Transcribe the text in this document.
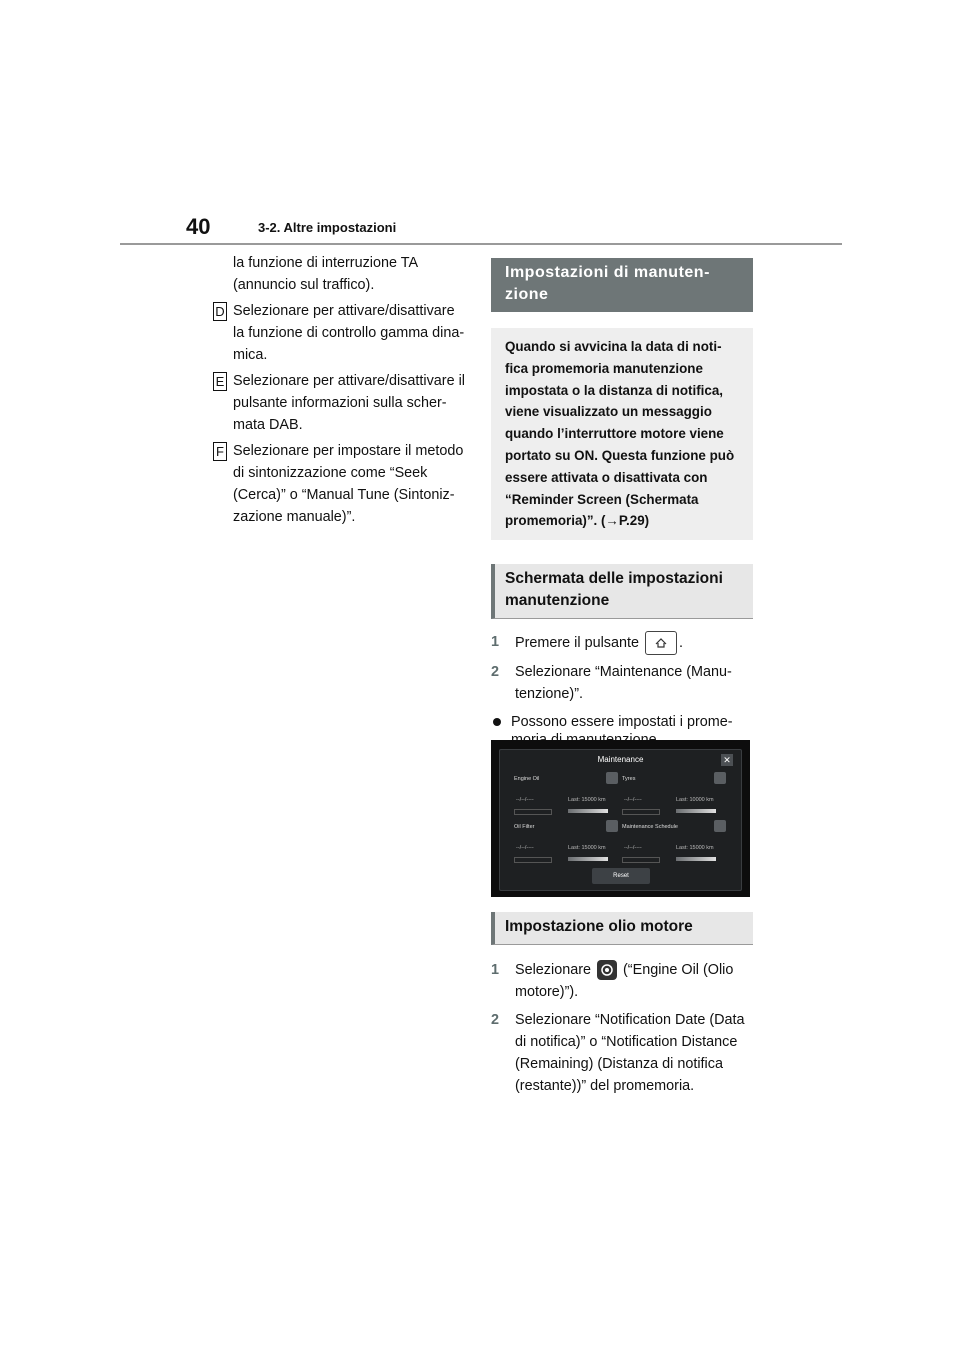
40	3-2. Altre impostazioni
la funzione di interruzione TA (annuncio sul traffico).
D Selezionare per attivare/disattivare la funzione di controllo gamma dina- mica.
E Selezionare per attivare/disattivare il pulsante informazioni sulla scher- mata DAB.
F Selezionare per impostare il metodo di sintonizzazione come “Seek (Cerca)” o “Manual Tune (Sintoniz- zazione manuale)”.
Impostazioni di manuten- zione
Quando si avvicina la data di noti- fica promemoria manutenzione impostata o la distanza di notifica, viene visualizzato un messaggio quando l’interruttore motore viene portato su ON. Questa funzione può essere attivata o disattivata con “Reminder Screen (Schermata promemoria)”. (→P.29)
Schermata delle impostazioni manutenzione
1 Premere il pulsante	.
2 Selezionare “Maintenance (Manu- tenzione)”.
Possono essere impostati i prome-
Maintenance	✕
Engine Oil
--/--/----	Last: 15000 km
Tyres
--/--/----	Last: 10000 km
Oil Filter
--/--/----	Last: 15000 km
Maintenance Schedule
--/--/----	Last: 15000 km
Reset
Impostazione olio motore
1 Selezionare (“Engine Oil (Olio motore)”).
2 Selezionare “Notification Date (Data di notifica)” o “Notification Distance (Remaining) (Distanza di notifica (restante))” del promemoria.
